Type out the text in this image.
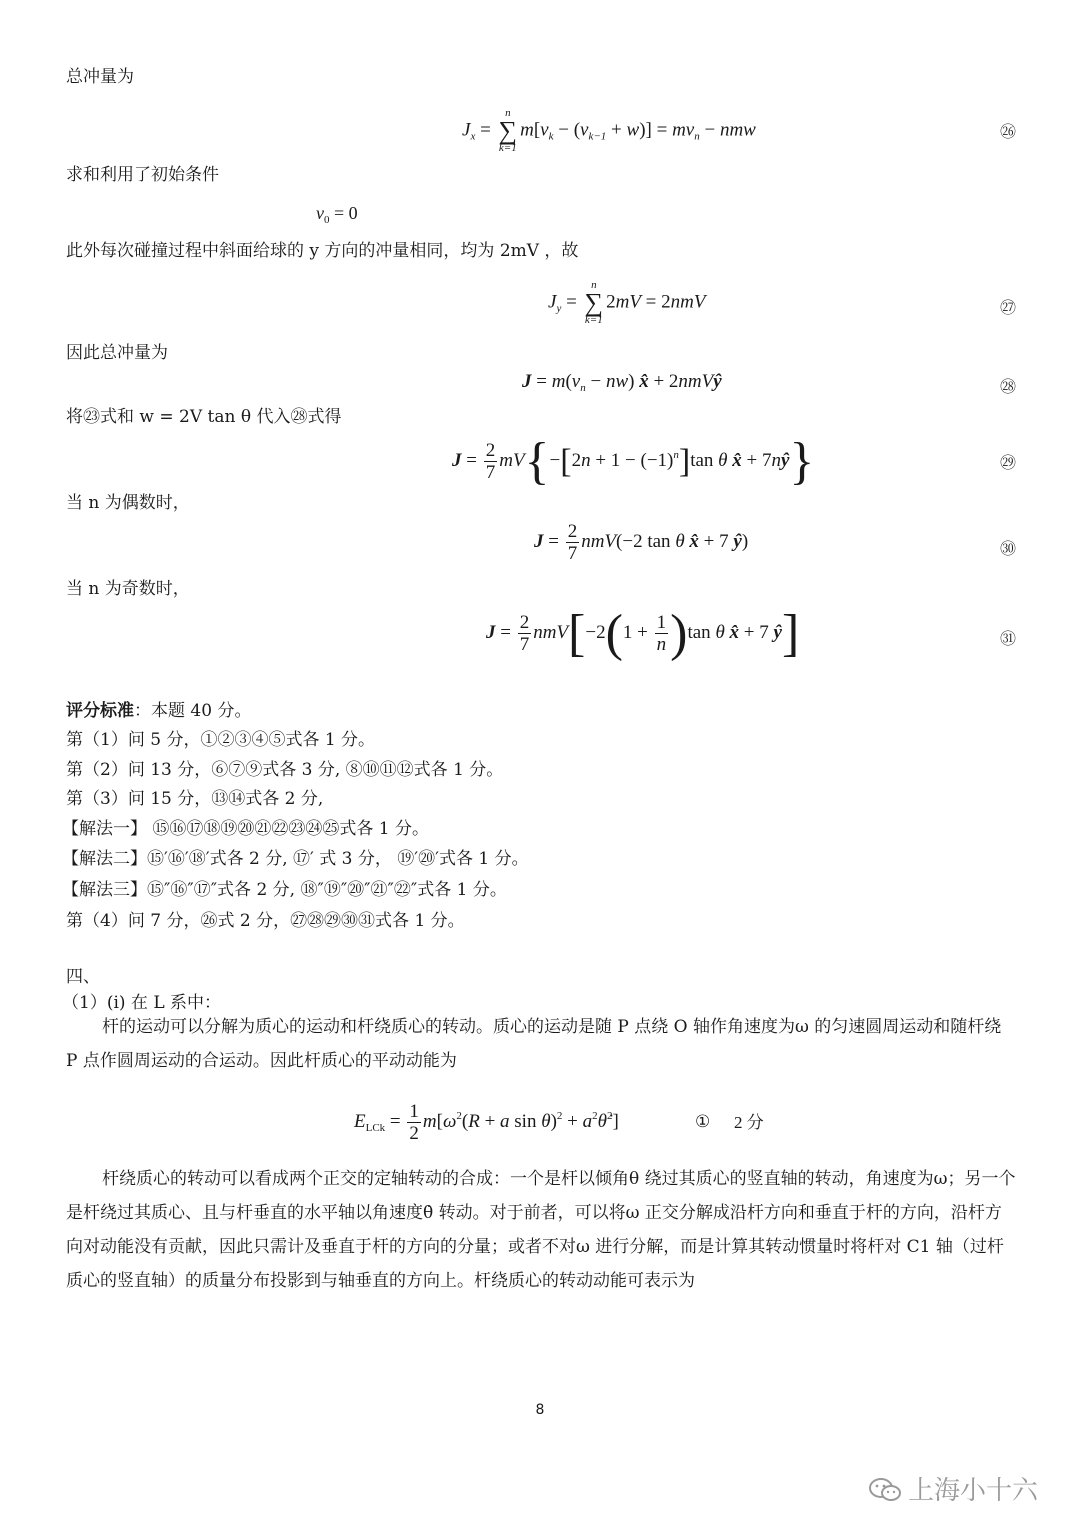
总冲量为
$J_x$ =
n
∑
k=1
$m[v_k - (v_{k-1} + w)] = mv_n$ − nmw	㉖
求和利用了初始条件
$v_0 = 0$
此外每次碰撞过程中斜面给球的 y 方向的冲量相同，均为 2mV ，故
$J_y$ =
n
∑
k=1
2mV = 2nmV	㉗
因此总冲量为
$J = m(v_n - nw)$ x̂ + 2nmVŷ	㉘
将㉓式和 w = 2V tan θ 代入㉘式得
$J = \frac{2}{7} mV\{-[2n + 1 - (-1)^n]\tan$ θ x̂ + 7nŷ}	㉙
当 n 为偶数时，
$J = \frac{2}{7} nmV(-2$ tan θ x̂ + 7 ŷ)	㉚
当 n 为奇数时，
$J = \frac{2}{7} nmV[-2(1 + \frac{1}{n} )\tan$ θ x̂ + 7 ŷ]	㉛
评分标准：本题 40 分。
第（1）问 5 分，①②③④⑤式各 1 分。
第（2）问 13 分，⑥⑦⑨式各 3 分, ⑧⑩⑪⑫式各 1 分。
第（3）问 15 分，⑬⑭式各 2 分,
【解法一】 ⑮⑯⑰⑱⑲⑳㉑㉒㉓㉔㉕式各 1 分。
【解法二】⑮′⑯′⑱′式各 2 分, ⑰′ 式 3 分， ⑲′⑳′式各 1 分。
【解法三】⑮″⑯″⑰″式各 2 分, ⑱″⑲″⑳″㉑″㉒″式各 1 分。
第（4）问 7 分，㉖式 2 分，㉗㉘㉙㉚㉛式各 1 分。
四、
（1）(i) 在 L 系中：
杆的运动可以分解为质心的运动和杆绕质心的转动。质心的运动是随 P 点绕 O 轴作角速度为ω 的匀速圆周运动和随杆绕 P 点作圆周运动的合运动。因此杆质心的平动动能为
$E_{LCk} = \frac{1}{2} m[\omega^2(R + a$ $\sin \theta)^2 + a^2\thetȧ^2$]	① 2 分
杆绕质心的转动可以看成两个正交的定轴转动的合成：一个是杆以倾角θ 绕过其质心的竖直轴的转动，角速度为ω；另一个是杆绕过其质心、且与杆垂直的水平轴以角速度θ̇ 转动。对于前者，可以将ω 正交分解成沿杆方向和垂直于杆的方向，沿杆方向对动能没有贡献，因此只需计及垂直于杆的方向的分量；或者不对ω 进行分解，而是计算其转动惯量时将杆对 C1 轴（过杆质心的竖直轴）的质量分布投影到与轴垂直的方向上。杆绕质心的转动动能可表示为
8
上海小十六
